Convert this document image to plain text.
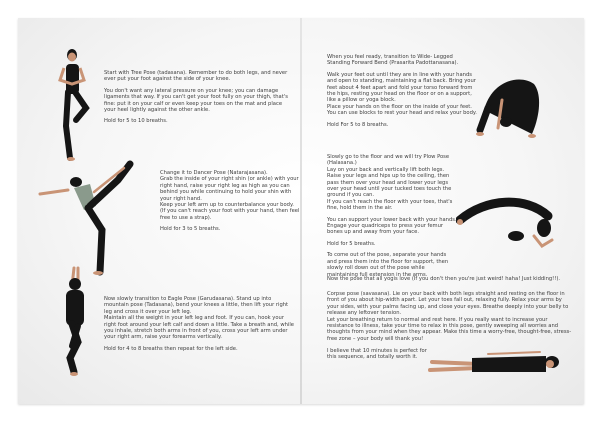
Start with Tree Pose (tadasana). Remember to do both legs, and never ever put your foot against the side of your knee.

You don't want any lateral pressure on your knee; you can damage ligaments that way. If you can't get your foot fully on your thigh, that's fine: put it on your calf or even keep your toes on the mat and place your heel lightly against the other ankle.

Hold for 5 to 10 breaths.

Change it to Dancer Pose (Natarajasana).
Grab the inside of your right shin (or ankle) with your right hand, raise your right leg as high as you can behind you while continuing to hold your shin with your right hand.
Keep your left arm up to counterbalance your body. (If you can't reach your foot with your hand, then feel free to use a strap).

Hold for 3 to 5 breaths.

Now slowly transition to Eagle Pose (Garudasana). Stand up into mountain pose (Tadasana), bend your knees a little, then lift your right leg and cross it over your left leg.
Maintain all the weight in your left leg and foot. If you can, hook your right foot around your left calf and down a little. Take a breath and, while you inhale, stretch both arms in front of you, cross your left arm under your right arm, raise your forearms vertically.

Hold for 4 to 8 breaths then repeat for the left side.

When you feel ready, transition to Wide- Legged Standing Forward Bend (Prasarita Padottanasana).

Walk your feet out until they are in line with your hands and open to standing, maintaining a flat back. Bring your feet about 4 feet apart and fold your torso forward from the hips, resting your head on the floor or on a support, like a pillow or yoga block.
Place your hands on the floor on the inside of your feet. You can use blocks to rest your head and relax your body.

Hold For 5 to 8 breaths.

Slowly go to the floor and we will try Plow Pose (Halasana.)
Lay on your back and vertically lift both legs. Raise your legs and hips up to the ceiling, then pass them over your head and lower your legs over your head until your tucked toes touch the ground if you can.
If you can't reach the floor with your toes, that's fine, hold them in the air.

You can support your lower back with your hands. Engage your quadriceps to press your femur bones up and away from your face.

Hold for 5 breaths.

To come out of the pose, separate your hands and press them into the floor for support, then slowly roll down out of the pose while maintaining full extension in the arms.

Now the pose that all yogis love (If you don't then you're just weird! haha! Just kidding!!).

Corpse pose (savasana). Lie on your back with both legs straight and resting on the floor in front of you about hip-width apart. Let your toes fall out, relaxing fully. Relax your arms by your sides, with your palms facing up, and close your eyes. Breathe deeply into your belly to release any leftover tension.
Let your breathing return to normal and rest here. If you really want to increase your resistance to illness, take your time to relax in this pose, gently sweeping all worries and thoughts from your mind when they appear. Make this time a worry-free, thought-free, stress-free zone – your body will thank you!

I believe that 10 minutes is perfect for this sequence, and totally worth it.
